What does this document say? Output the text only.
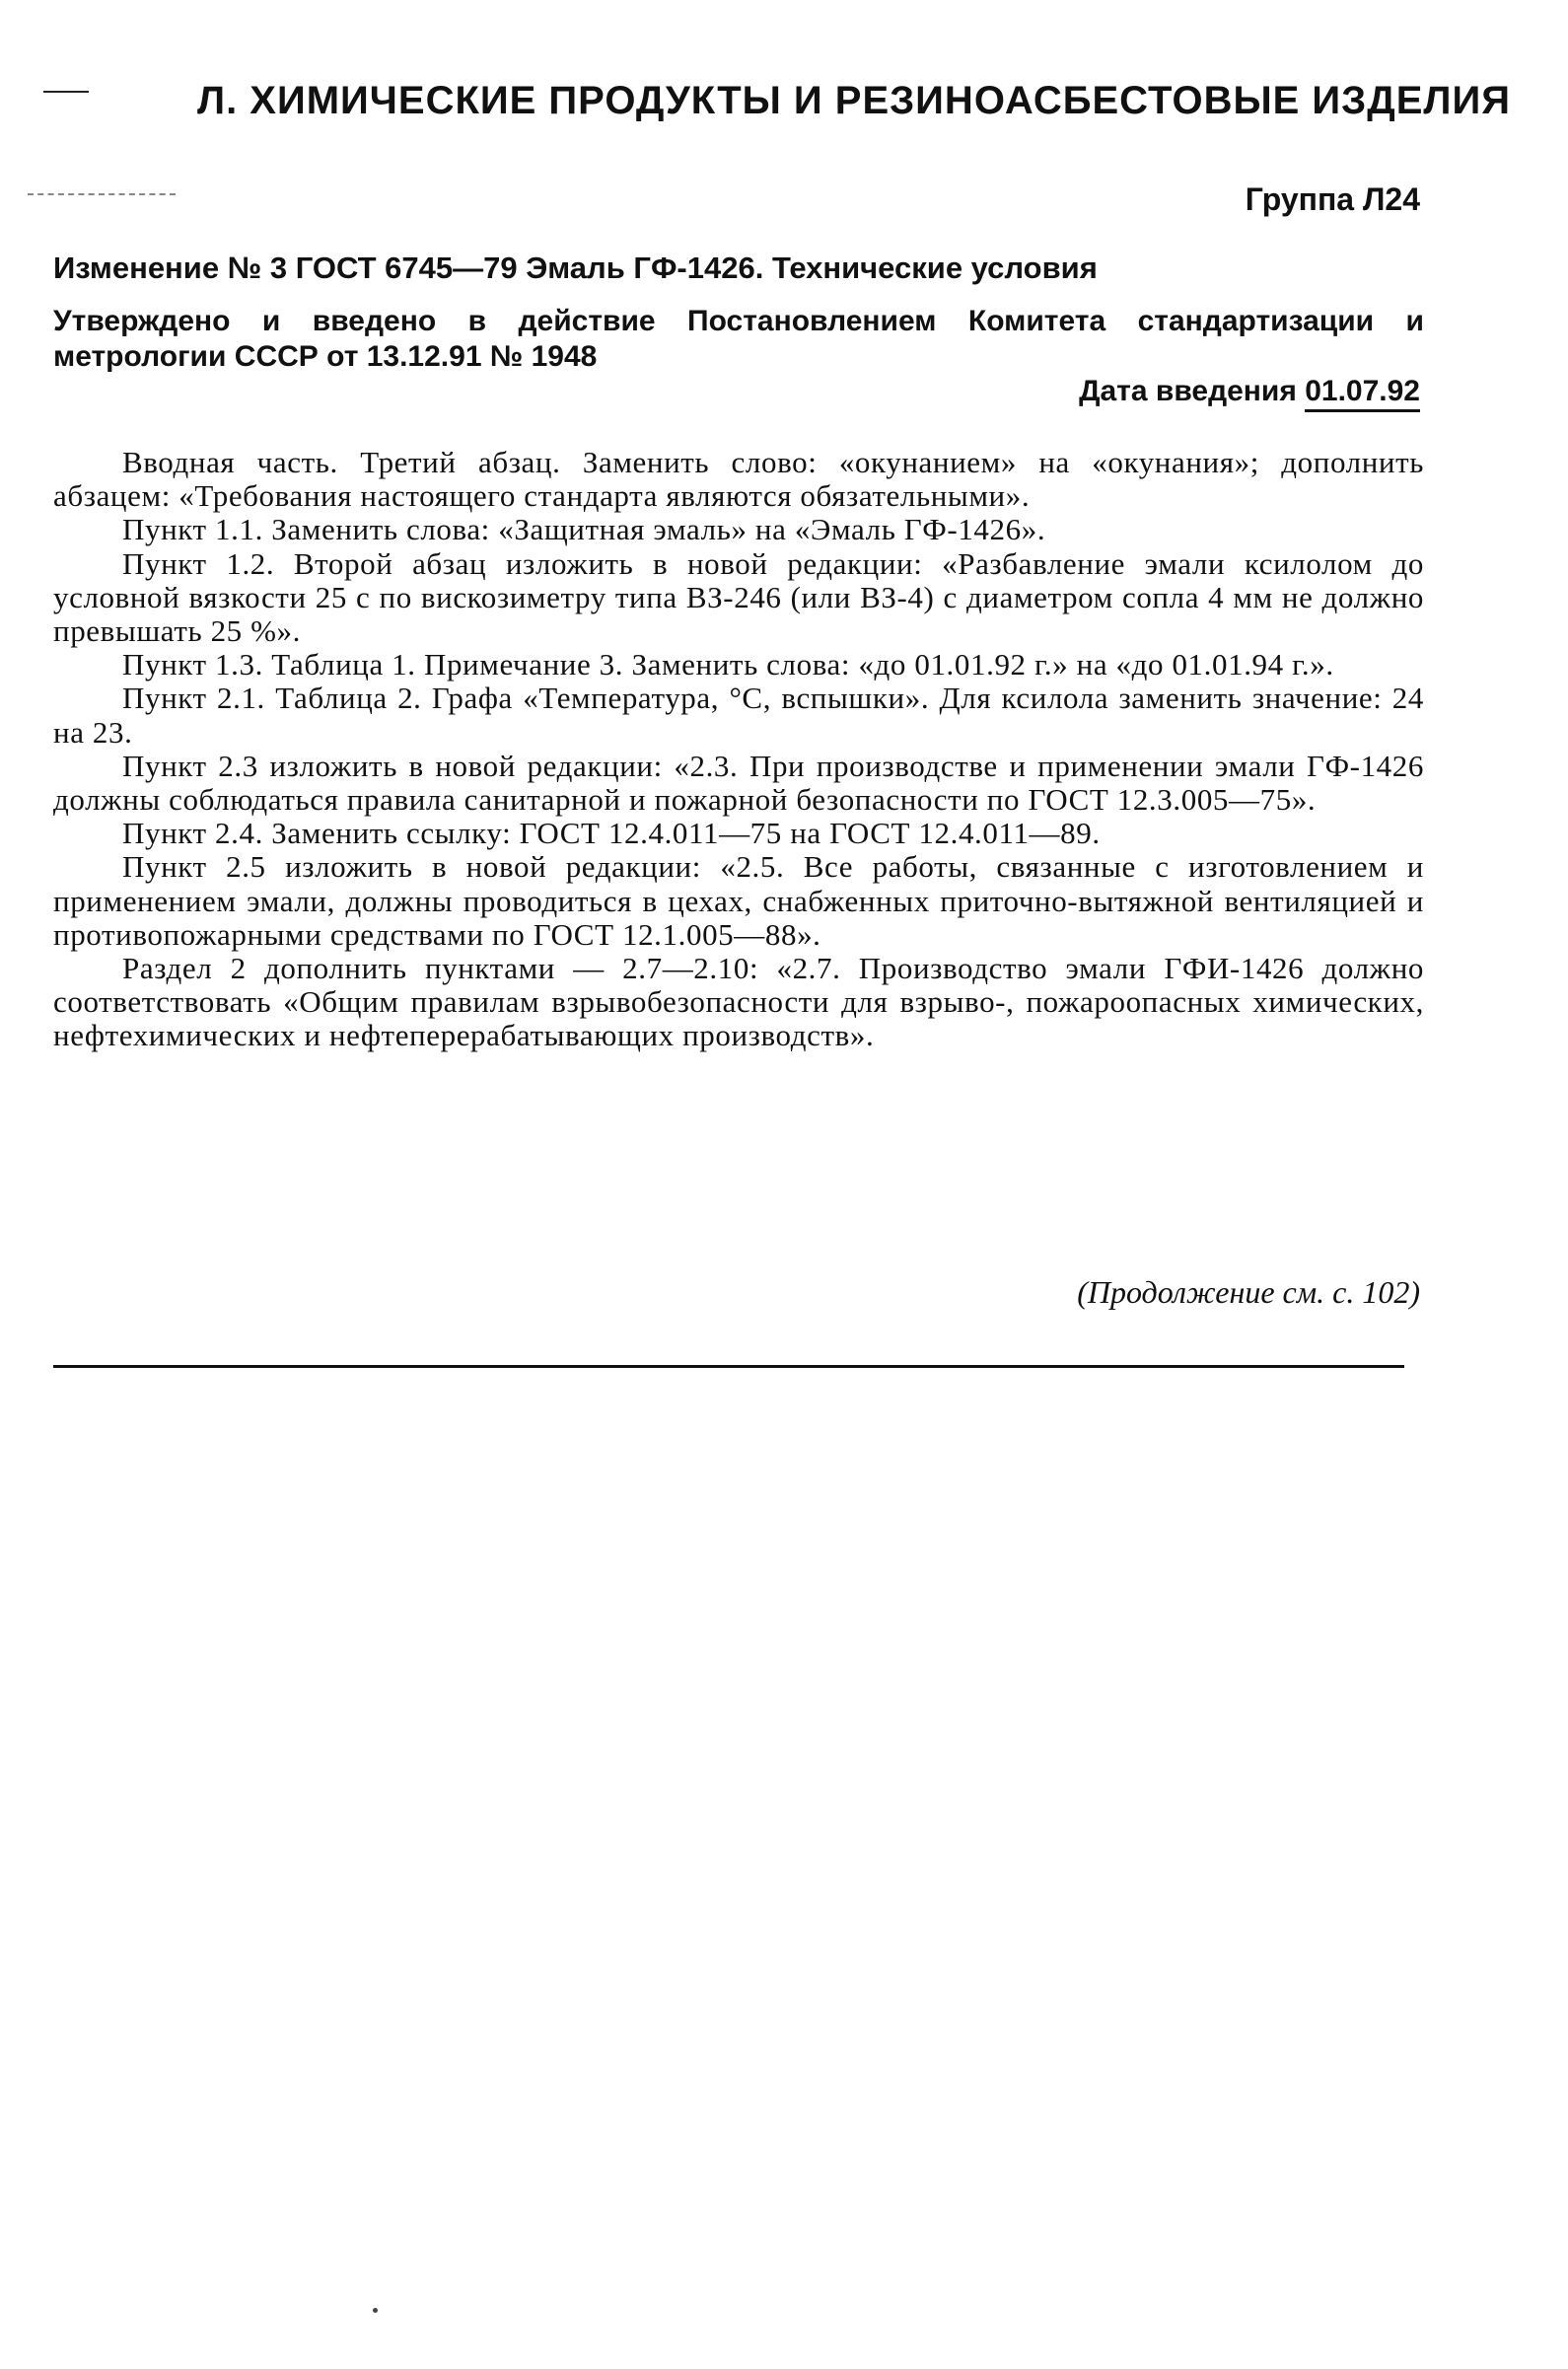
Л. ХИМИЧЕСКИЕ ПРОДУКТЫ И РЕЗИНОАСБЕСТОВЫЕ ИЗДЕЛИЯ
Группа Л24
Изменение № 3 ГОСТ 6745—79 Эмаль ГФ-1426. Технические условия
Утверждено и введено в действие Постановлением Комитета стандартизации и
метрологии СССР от 13.12.91 № 1948
Дата введения 01.07.92

Вводная часть. Третий абзац. Заменить слово: «окунанием» на «окунания»; дополнить абзацем: «Требования настоящего стандарта являются обязательными».

Пункт 1.1. Заменить слова: «Защитная эмаль» на «Эмаль ГФ-1426».

Пункт 1.2. Второй абзац изложить в новой редакции: «Разбавление эмали ксилолом до условной вязкости 25 с по вискозиметру типа ВЗ-246 (или ВЗ-4) с диаметром сопла 4 мм не должно превышать 25 %».

Пункт 1.3. Таблица 1. Примечание 3. Заменить слова: «до 01.01.92 г.» на «до 01.01.94 г.».

Пункт 2.1. Таблица 2. Графа «Температура, °С, вспышки». Для ксилола заменить значение: 24 на 23.

Пункт 2.3 изложить в новой редакции: «2.3. При производстве и применении эмали ГФ-1426 должны соблюдаться правила санитарной и пожарной безопасности по ГОСТ 12.3.005—75».

Пункт 2.4. Заменить ссылку: ГОСТ 12.4.011—75 на ГОСТ 12.4.011—89.

Пункт 2.5 изложить в новой редакции: «2.5. Все работы, связанные с изготовлением и применением эмали, должны проводиться в цехах, снабженных приточно-вытяжной вентиляцией и противопожарными средствами по ГОСТ 12.1.005—88».

Раздел 2 дополнить пунктами — 2.7—2.10: «2.7. Производство эмали ГФИ-1426 должно соответствовать «Общим правилам взрывобезопасности для взрыво-, пожароопасных химических, нефтехимических и нефтеперерабатывающих производств».

(Продолжение см. с. 102)
